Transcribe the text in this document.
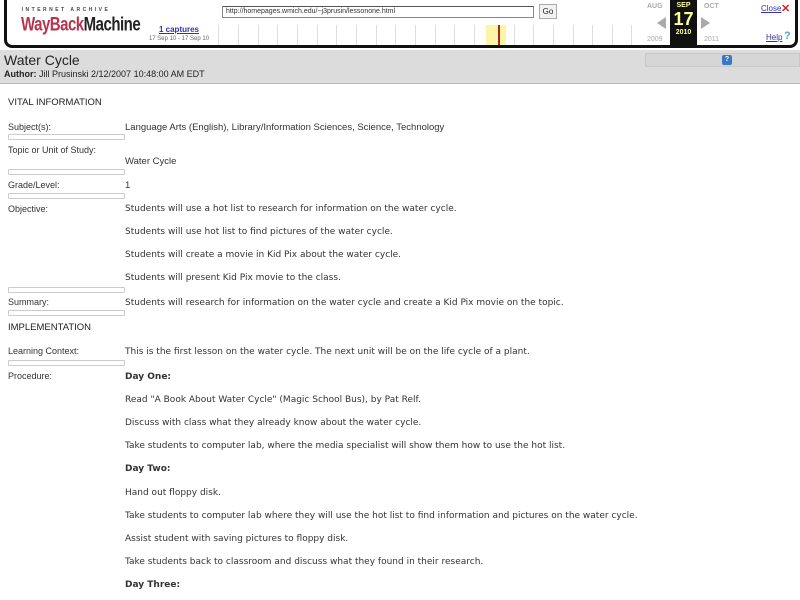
INTERNET ARCHIVE
WayBackMachine	1 captures
17 Sep 10 - 17 Sep 10
http://homepages.wmich.edu/~j3prusin/lessonone.html	Go
AUG	OCT
2009	2011
SEP
17
2010
Close ✕
Help ?
Water Cycle
Author: Jill Prusinski 2/12/2007 10:48:00 AM EDT
?
VITAL INFORMATION
Subject(s):	Language Arts (English), Library/Information Sciences, Science, Technology
Topic or Unit of Study:
Water Cycle
Grade/Level:	1
Objective:	Students will use a hot list to research for information on the water cycle.
Students will use hot list to find pictures of the water cycle.
Students will create a movie in Kid Pix about the water cycle.
Students will present Kid Pix movie to the class.
Summary:	Students will research for information on the water cycle and create a Kid Pix movie on the topic.
IMPLEMENTATION
Learning Context:	This is the first lesson on the water cycle. The next unit will be on the life cycle of a plant.
Procedure:	Day One:
Read "A Book About Water Cycle" (Magic School Bus), by Pat Relf.
Discuss with class what they already know about the water cycle.
Take students to computer lab, where the media specialist will show them how to use the hot list.
Day Two:
Hand out floppy disk.
Take students to computer lab where they will use the hot list to find information and pictures on the water cycle.
Assist student with saving pictures to floppy disk.
Take students back to classroom and discuss what they found in their research.
Day Three:
